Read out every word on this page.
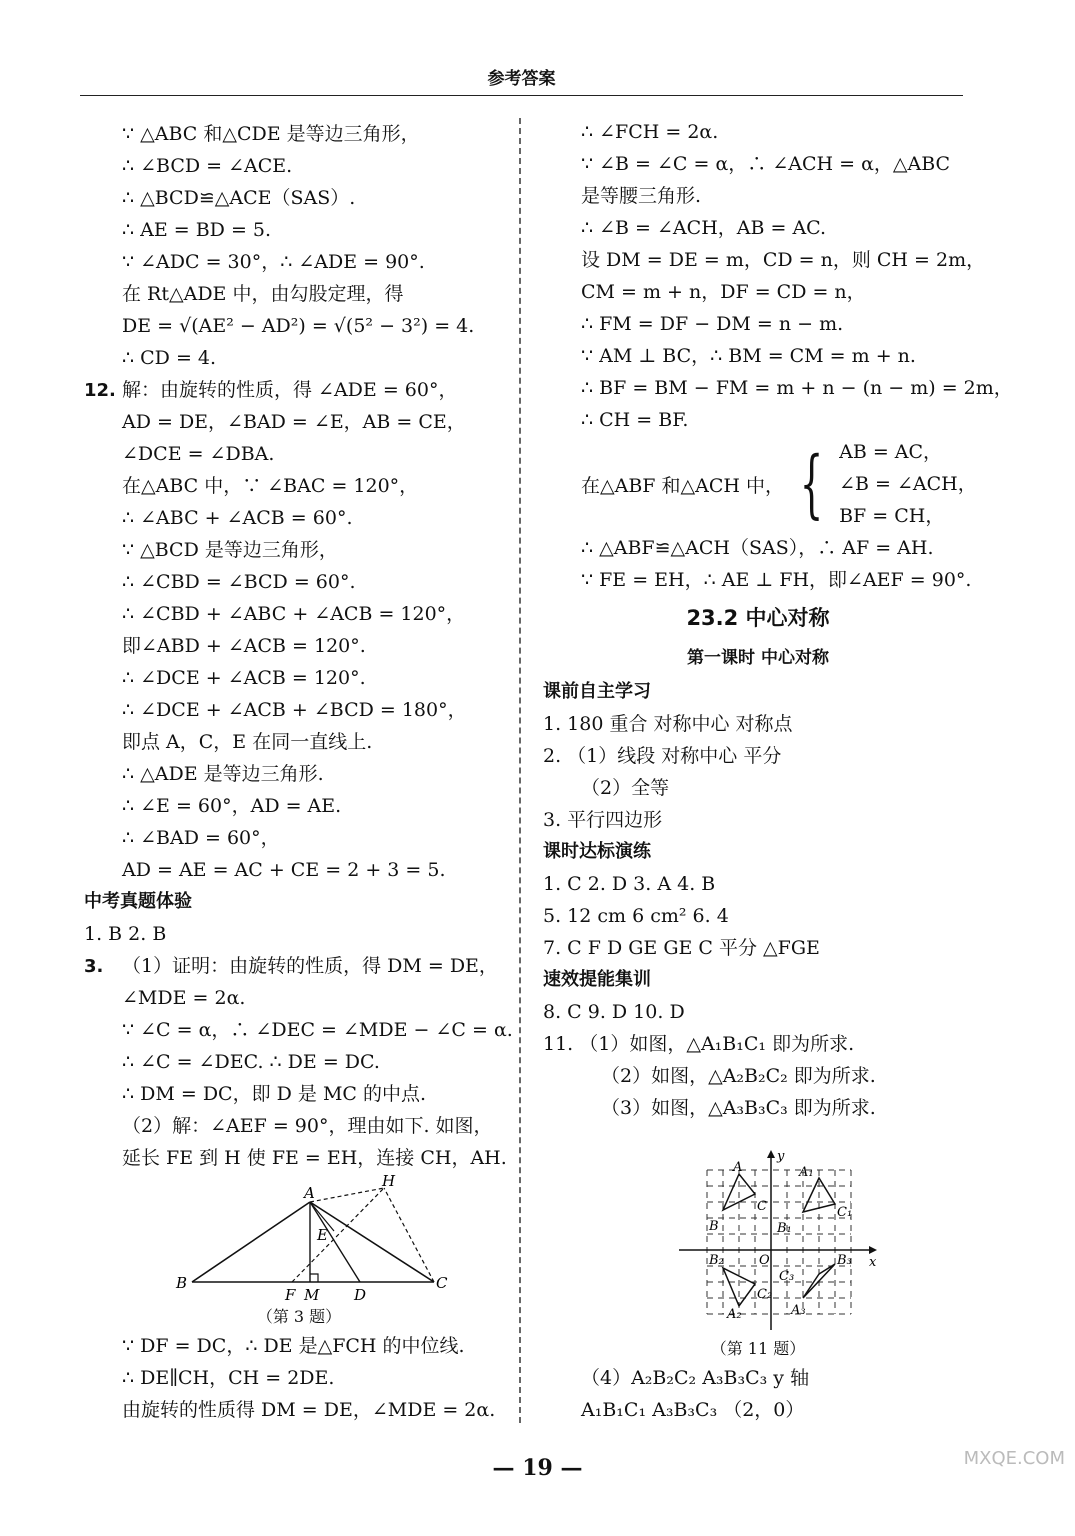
参考答案
∵ △ABC 和△CDE 是等边三角形，
∴ ∠BCD = ∠ACE.
∴ △BCD≌△ACE（SAS）.
∴ AE = BD = 5.
∵ ∠ADC = 30°，∴ ∠ADE = 90°.
在 Rt△ADE 中，由勾股定理，得
DE = √(AE² − AD²) = √(5² − 3²) = 4.
∴ CD = 4.
12. 解：由旋转的性质，得 ∠ADE = 60°，
AD = DE，∠BAD = ∠E，AB = CE，
∠DCE = ∠DBA.
在△ABC 中，∵ ∠BAC = 120°，
∴ ∠ABC + ∠ACB = 60°.
∵ △BCD 是等边三角形，
∴ ∠CBD = ∠BCD = 60°.
∴ ∠CBD + ∠ABC + ∠ACB = 120°，
即∠ABD + ∠ACB = 120°.
∴ ∠DCE + ∠ACB = 120°.
∴ ∠DCE + ∠ACB + ∠BCD = 180°，
即点 A，C，E 在同一直线上.
∴ △ADE 是等边三角形.
∴ ∠E = 60°，AD = AE.
∴ ∠BAD = 60°，
AD = AE = AC + CE = 2 + 3 = 5.
中考真题体验
1. B 2. B
3. （1）证明：由旋转的性质，得 DM = DE，
∠MDE = 2α.
∵ ∠C = α，∴ ∠DEC = ∠MDE − ∠C = α.
∴ ∠C = ∠DEC. ∴ DE = DC.
∴ DM = DC，即 D 是 MC 的中点.
（2）解：∠AEF = 90°，理由如下. 如图，
延长 FE 到 H 使 FE = EH，连接 CH，AH.
A
H
E
B
F M D
C
（第 3 题）
∵ DF = DC，∴ DE 是△FCH 的中位线.
∴ DE∥CH，CH = 2DE.
由旋转的性质得 DM = DE，∠MDE = 2α.
∴ ∠FCH = 2α.
∵ ∠B = ∠C = α，∴ ∠ACH = α，△ABC
是等腰三角形.
∴ ∠B = ∠ACH，AB = AC.
设 DM = DE = m，CD = n，则 CH = 2m，
CM = m + n，DF = CD = n，
∴ FM = DF − DM = n − m.
∵ AM ⊥ BC，∴ BM = CM = m + n.
∴ BF = BM − FM = m + n − (n − m) = 2m，
∴ CH = BF.
在△ABF 和△ACH 中， { AB = AC，
∠B = ∠ACH，
BF = CH，
∴ △ABF≌△ACH（SAS），∴ AF = AH.
∵ FE = EH，∴ AE ⊥ FH，即∠AEF = 90°.
23.2 中心对称
第一课时 中心对称
课前自主学习
1. 180 重合 对称中心 对称点
2. （1）线段 对称中心 平分
（2）全等
3. 平行四边形
课时达标演练
1. C 2. D 3. A 4. B
5. 12 cm 6 cm² 6. 4
7. C F D GE GE C 平分 △FGE
速效提能集训
8. C 9. D 10. D
11. （1）如图，△A₁B₁C₁ 即为所求.
（2）如图，△A₂B₂C₂ 即为所求.
（3）如图，△A₃B₃C₃ 即为所求.
y
x
O
A
B
C
A₁
B₁
C₁
B₂
C₂
A₂
B₃
C₃
A₃
（第 11 题）
（4）A₂B₂C₂ A₃B₃C₃ y 轴
A₁B₁C₁ A₃B₃C₃ （2，0）
— 19 —	MXQE.COM
